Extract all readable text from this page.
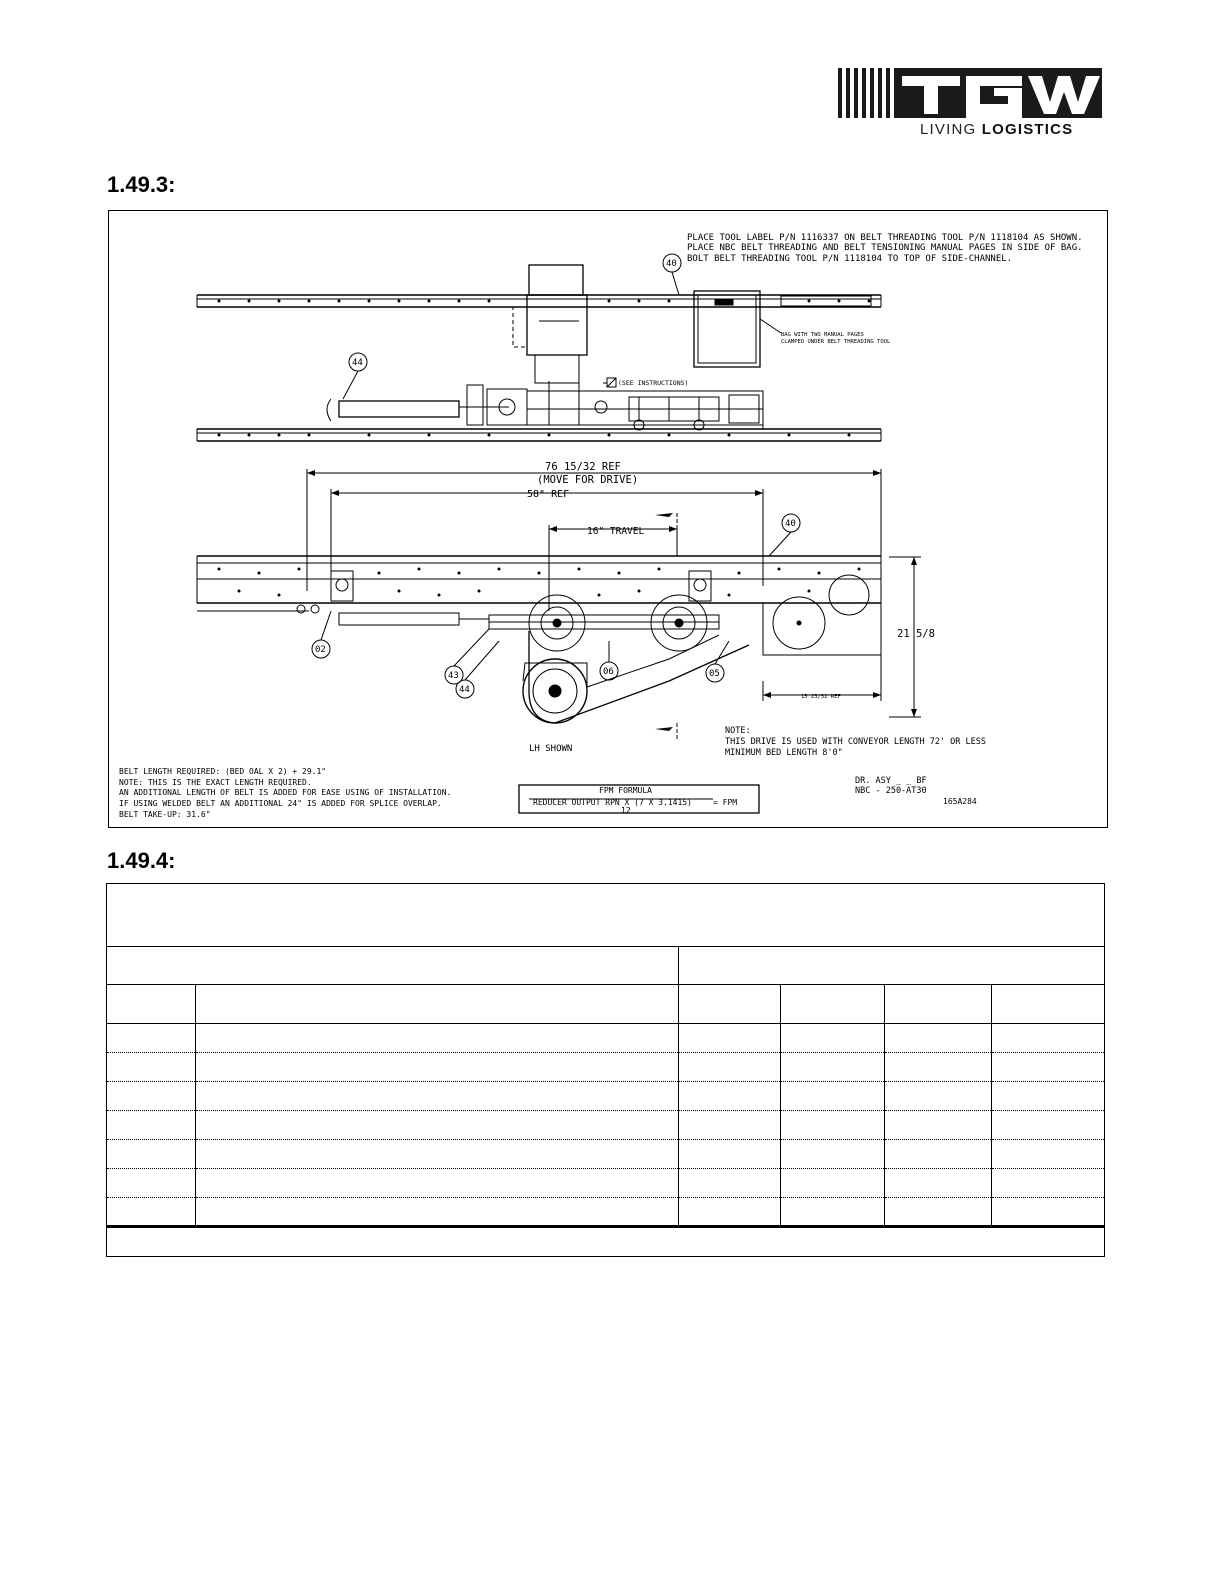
LIVING LOGISTICS
1.49.3:
PLACE TOOL LABEL P/N 1116337 ON BELT THREADING TOOL P/N 1118104 AS SHOWN.
PLACE NBC BELT THREADING AND BELT TENSIONING MANUAL PAGES IN SIDE OF BAG.
BOLT BELT THREADING TOOL P/N 1118104 TO TOP OF SIDE-CHANNEL.
BAG WITH TWO MANUAL PAGES
CLAMPED UNDER BELT THREADING TOOL
(SEE INSTRUCTIONS)
76 15/32 REF
(MOVE FOR DRIVE)
58" REF
16" TRAVEL
21 5/8
15 23/32 REF
40
44
40
02
43
44
06	05
LH SHOWN
NOTE:
THIS DRIVE IS USED WITH CONVEYOR LENGTH 72' OR LESS
MINIMUM BED LENGTH 8'0"
BELT LENGTH REQUIRED: (BED OAL X 2) + 29.1"
NOTE: THIS IS THE EXACT LENGTH REQUIRED.
AN ADDITIONAL LENGTH OF BELT IS ADDED FOR EASE USING OF INSTALLATION.
IF USING WELDED BELT AN ADDITIONAL 24" IS ADDED FOR SPLICE OVERLAP.
BELT TAKE-UP: 31.6"
FPM FORMULA
REDUCER OUTPUT RPN X (7 X 3.1415)	= FPM
12
DR. ASY _ _ BF
NBC - 250-AT30
165A284
1.49.4:
